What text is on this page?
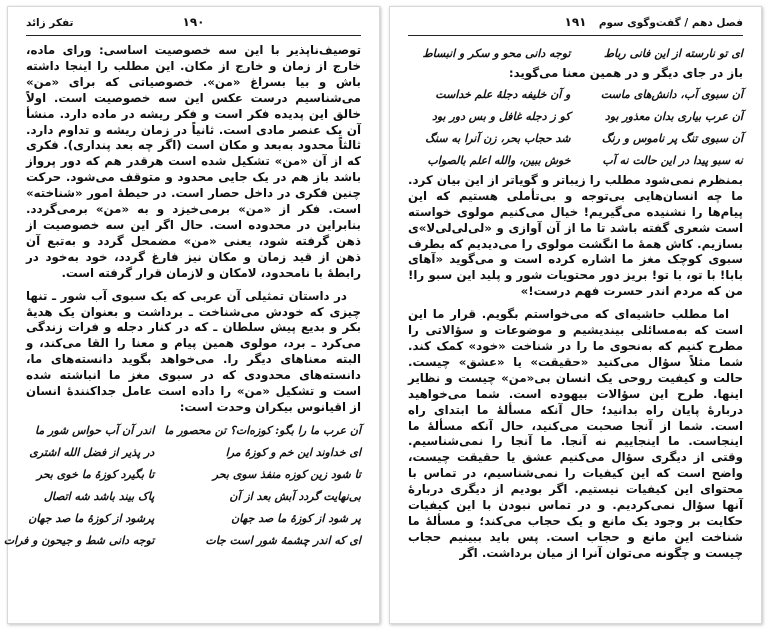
۱۹۰
تفکر زائد

توصیف‌ناپذیر با این سه خصوصیت اساسی: ورای ماده، خارج از زمان و خارج از مکان. این مطلب را اینجا داشته باش و بیا بسراغ «من». خصوصیاتی که برای «من» می‌شناسیم درست عکس این سه خصوصیت است. اولاً خالق این پدیده فکر است و فکر ریشه در ماده دارد. منشأ آن یک عنصر مادی است. ثانیاً در زمان ریشه و تداوم دارد. ثالثاً محدود به‌بعد و مکان است (اگر چه بعد پنداری). فکری که از آن «من» تشکیل شده است هرقدر هم که دور پرواز باشد باز هم در یک جایی محدود و متوقف می‌شود. حرکت چنین فکری در داخل حصار است. در حیطهٔ امور «شناخته» است. فکر از «من» برمی‌خیزد و به «من» برمی‌گردد. بنابراین در محدوده است. حال اگر این سه خصوصیت از ذهن گرفته شود، یعنی «من» مضمحل گردد و به‌تبع آن ذهن از قید زمان و مکان نیز فارغ گردد، خود به‌خود در رابطهٔ با نامحدود، لامکان و لازمان قرار گرفته است.

در داستان تمثیلی آن عربی که یک سبوی آب شور ـ تنها چیزی که خودش می‌شناخت ـ برداشت و بعنوان یک هدیهٔ بکر و بدیع پیش سلطان ـ که در کنار دجله و فرات زندگی می‌کرد ـ برد، مولوی همین پیام و معنا را القا می‌کند، و البته معناهای دیگر را. می‌خواهد بگوید دانسته‌های ما، دانسته‌های محدودی که در سبوی مغز ما انباشته شده است و تشکیل «من» را داده است عامل جداکنندهٔ انسان از اقیانوس بیکران وحدت است:

آن عرب ما را بگو: کوزه‌ات؟ تن محصور ما
اندر آن آب حواس شور ما
ای خداوند این خم و کوزهٔ مرا
در پذیر از فضل الله اشتری
تا شود زین کوزه منفذ سوی بحر
تا بگیرد کوزهٔ ما خوی بحر
بی‌نهایت گردد آبش بعد از آن
پاک بیند باشد شه اتصال
پر شود از کوزهٔ ما صد جهان
پرشود از کوزهٔ ما صد جهان
ای که اندر چشمهٔ شور است جات
توجه دانی شط و جیحون و فرات
فصل دهم / گفت‌وگوی سوم
۱۹۱
ای تو نارسته از این فانی رباط
توجه دانی محو و سکر و انبساط

باز در جای دیگر و در همین معنا می‌گوید:

آن سبوی آب، دانش‌های ماست
و آن خلیفه دجلهٔ علم خداست
آن عرب بیاری بدان معذور بود
کو ز دجله غافل و بس دور بود
آن سبوی تنگ پر ناموس و رنگ
شد حجاب بحر، زن آنرا به سنگ
نه سبو پیدا در این حالت نه آب
خوش ببین، والله اعلم بالصواب

بمنظرم نمی‌شود مطلب را زیباتر و گویاتر از این بیان کرد. ما چه انسان‌هایی بی‌توجه و بی‌تأملی هستیم که این پیام‌ها را نشنیده می‌گیریم! خیال می‌کنیم مولوی خواسته است شعری گفته باشد تا ما از آن آوازی و «لی‌لی‌لی‌لا»ی بسازیم. کاش همهٔ ما انگشت مولوی را می‌دیدیم که بطرف سبوی کوچک مغز ما اشاره کرده است و می‌گوید «آهای بابا! با تو، با تو! بریز دور محتویات شور و پلید این سبو را! من که مردم اندر حسرت فهم درست!»

اما مطلب حاشیه‌ای که می‌خواستم بگویم. قرار ما این است که به‌مسائلی بیندیشیم و موضوعات و سؤالاتی را مطرح کنیم که به‌نحوی ما را در شناخت «خود» کمک کند. شما مثلاً سؤال می‌کنید «حقیقت» یا «عشق» چیست. حالت و کیفیت روحی یک انسان بی‌«من» چیست و نظایر اینها. طرح این سؤالات بیهوده است. شما می‌خواهید دربارهٔ پایان راه بدانید؛ حال آنکه مسألهٔ ما ابتدای راه است. شما از آنجا صحبت می‌کنید، حال آنکه مسألهٔ ما اینجاست. ما اینجاییم نه آنجا. ما آنجا را نمی‌شناسیم. وقتی از دیگری سؤال می‌کنیم عشق یا حقیقت چیست، واضح است که این کیفیات را نمی‌شناسیم، در تماس با محتوای این کیفیات نیستیم. اگر بودیم از دیگری دربارهٔ آنها سؤال نمی‌کردیم. و در تماس نبودن با این کیفیات حکایت بر وجود یک مانع و یک حجاب می‌کند؛ و مسألهٔ ما شناخت این مانع و حجاب است. پس باید ببینیم حجاب چیست و چگونه می‌توان آنرا از میان برداشت. اگر
